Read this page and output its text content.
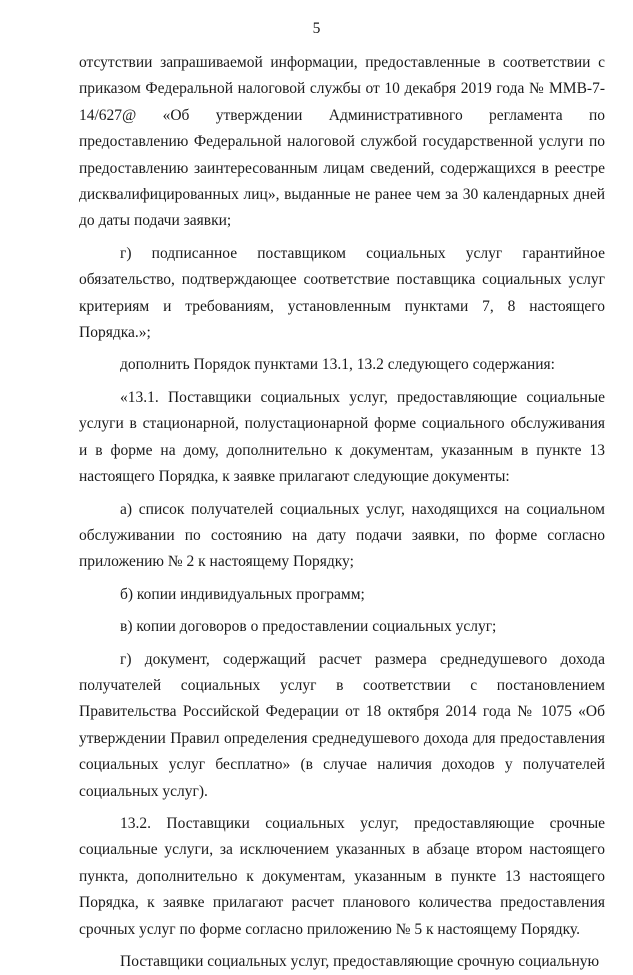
5

отсутствии запрашиваемой информации, предоставленные в соответствии с приказом Федеральной налоговой службы от 10 декабря 2019 года № ММВ-7-14/627@ «Об утверждении Административного регламента по предоставлению Федеральной налоговой службой государственной услуги по предоставлению заинтересованным лицам сведений, содержащихся в реестре дисквалифицированных лиц», выданные не ранее чем за 30 календарных дней до даты подачи заявки;

г) подписанное поставщиком социальных услуг гарантийное обязательство, подтверждающее соответствие поставщика социальных услуг критериям и требованиям, установленным пунктами 7, 8 настоящего Порядка.»;

дополнить Порядок пунктами 13.1, 13.2 следующего содержания:

«13.1. Поставщики социальных услуг, предоставляющие социальные услуги в стационарной, полустационарной форме социального обслуживания и в форме на дому, дополнительно к документам, указанным в пункте 13 настоящего Порядка, к заявке прилагают следующие документы:

а) список получателей социальных услуг, находящихся на социальном обслуживании по состоянию на дату подачи заявки, по форме согласно приложению № 2 к настоящему Порядку;

б) копии индивидуальных программ;

в) копии договоров о предоставлении социальных услуг;

г) документ, содержащий расчет размера среднедушевого дохода получателей социальных услуг в соответствии с постановлением Правительства Российской Федерации от 18 октября 2014 года № 1075 «Об утверждении Правил определения среднедушевого дохода для предоставления социальных услуг бесплатно» (в случае наличия доходов у получателей социальных услуг).

13.2. Поставщики социальных услуг, предоставляющие срочные социальные услуги, за исключением указанных в абзаце втором настоящего пункта, дополнительно к документам, указанным в пункте 13 настоящего Порядка, к заявке прилагают расчет планового количества предоставления срочных услуг по форме согласно приложению № 5 к настоящему Порядку.

Поставщики социальных услуг, предоставляющие срочную социальную
